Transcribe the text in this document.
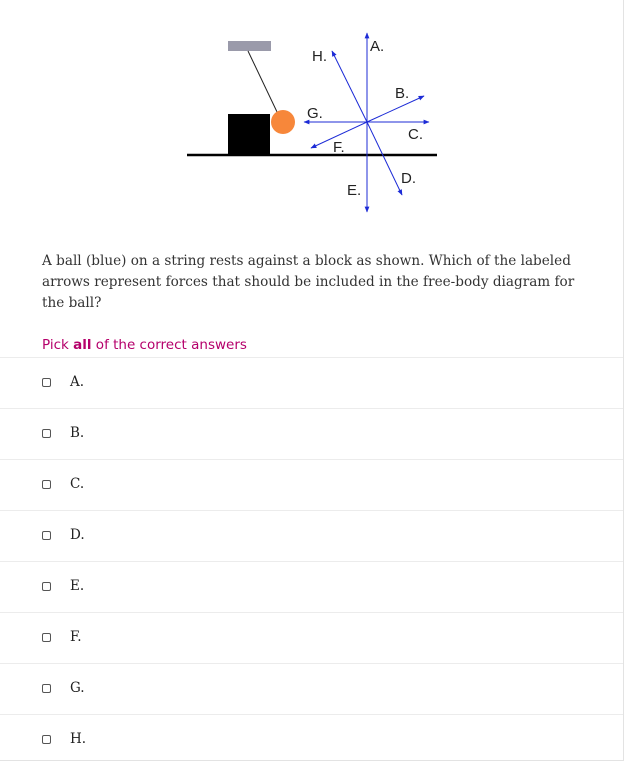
A.
B.
C.
D.
E.
F.
G.
H.
A ball (blue) on a string rests against a block as shown. Which of the labeled arrows represent forces that should be included in the free-body diagram for the ball?
Pick all of the correct answers
A.
B.
C.
D.
E.
F.
G.
H.
